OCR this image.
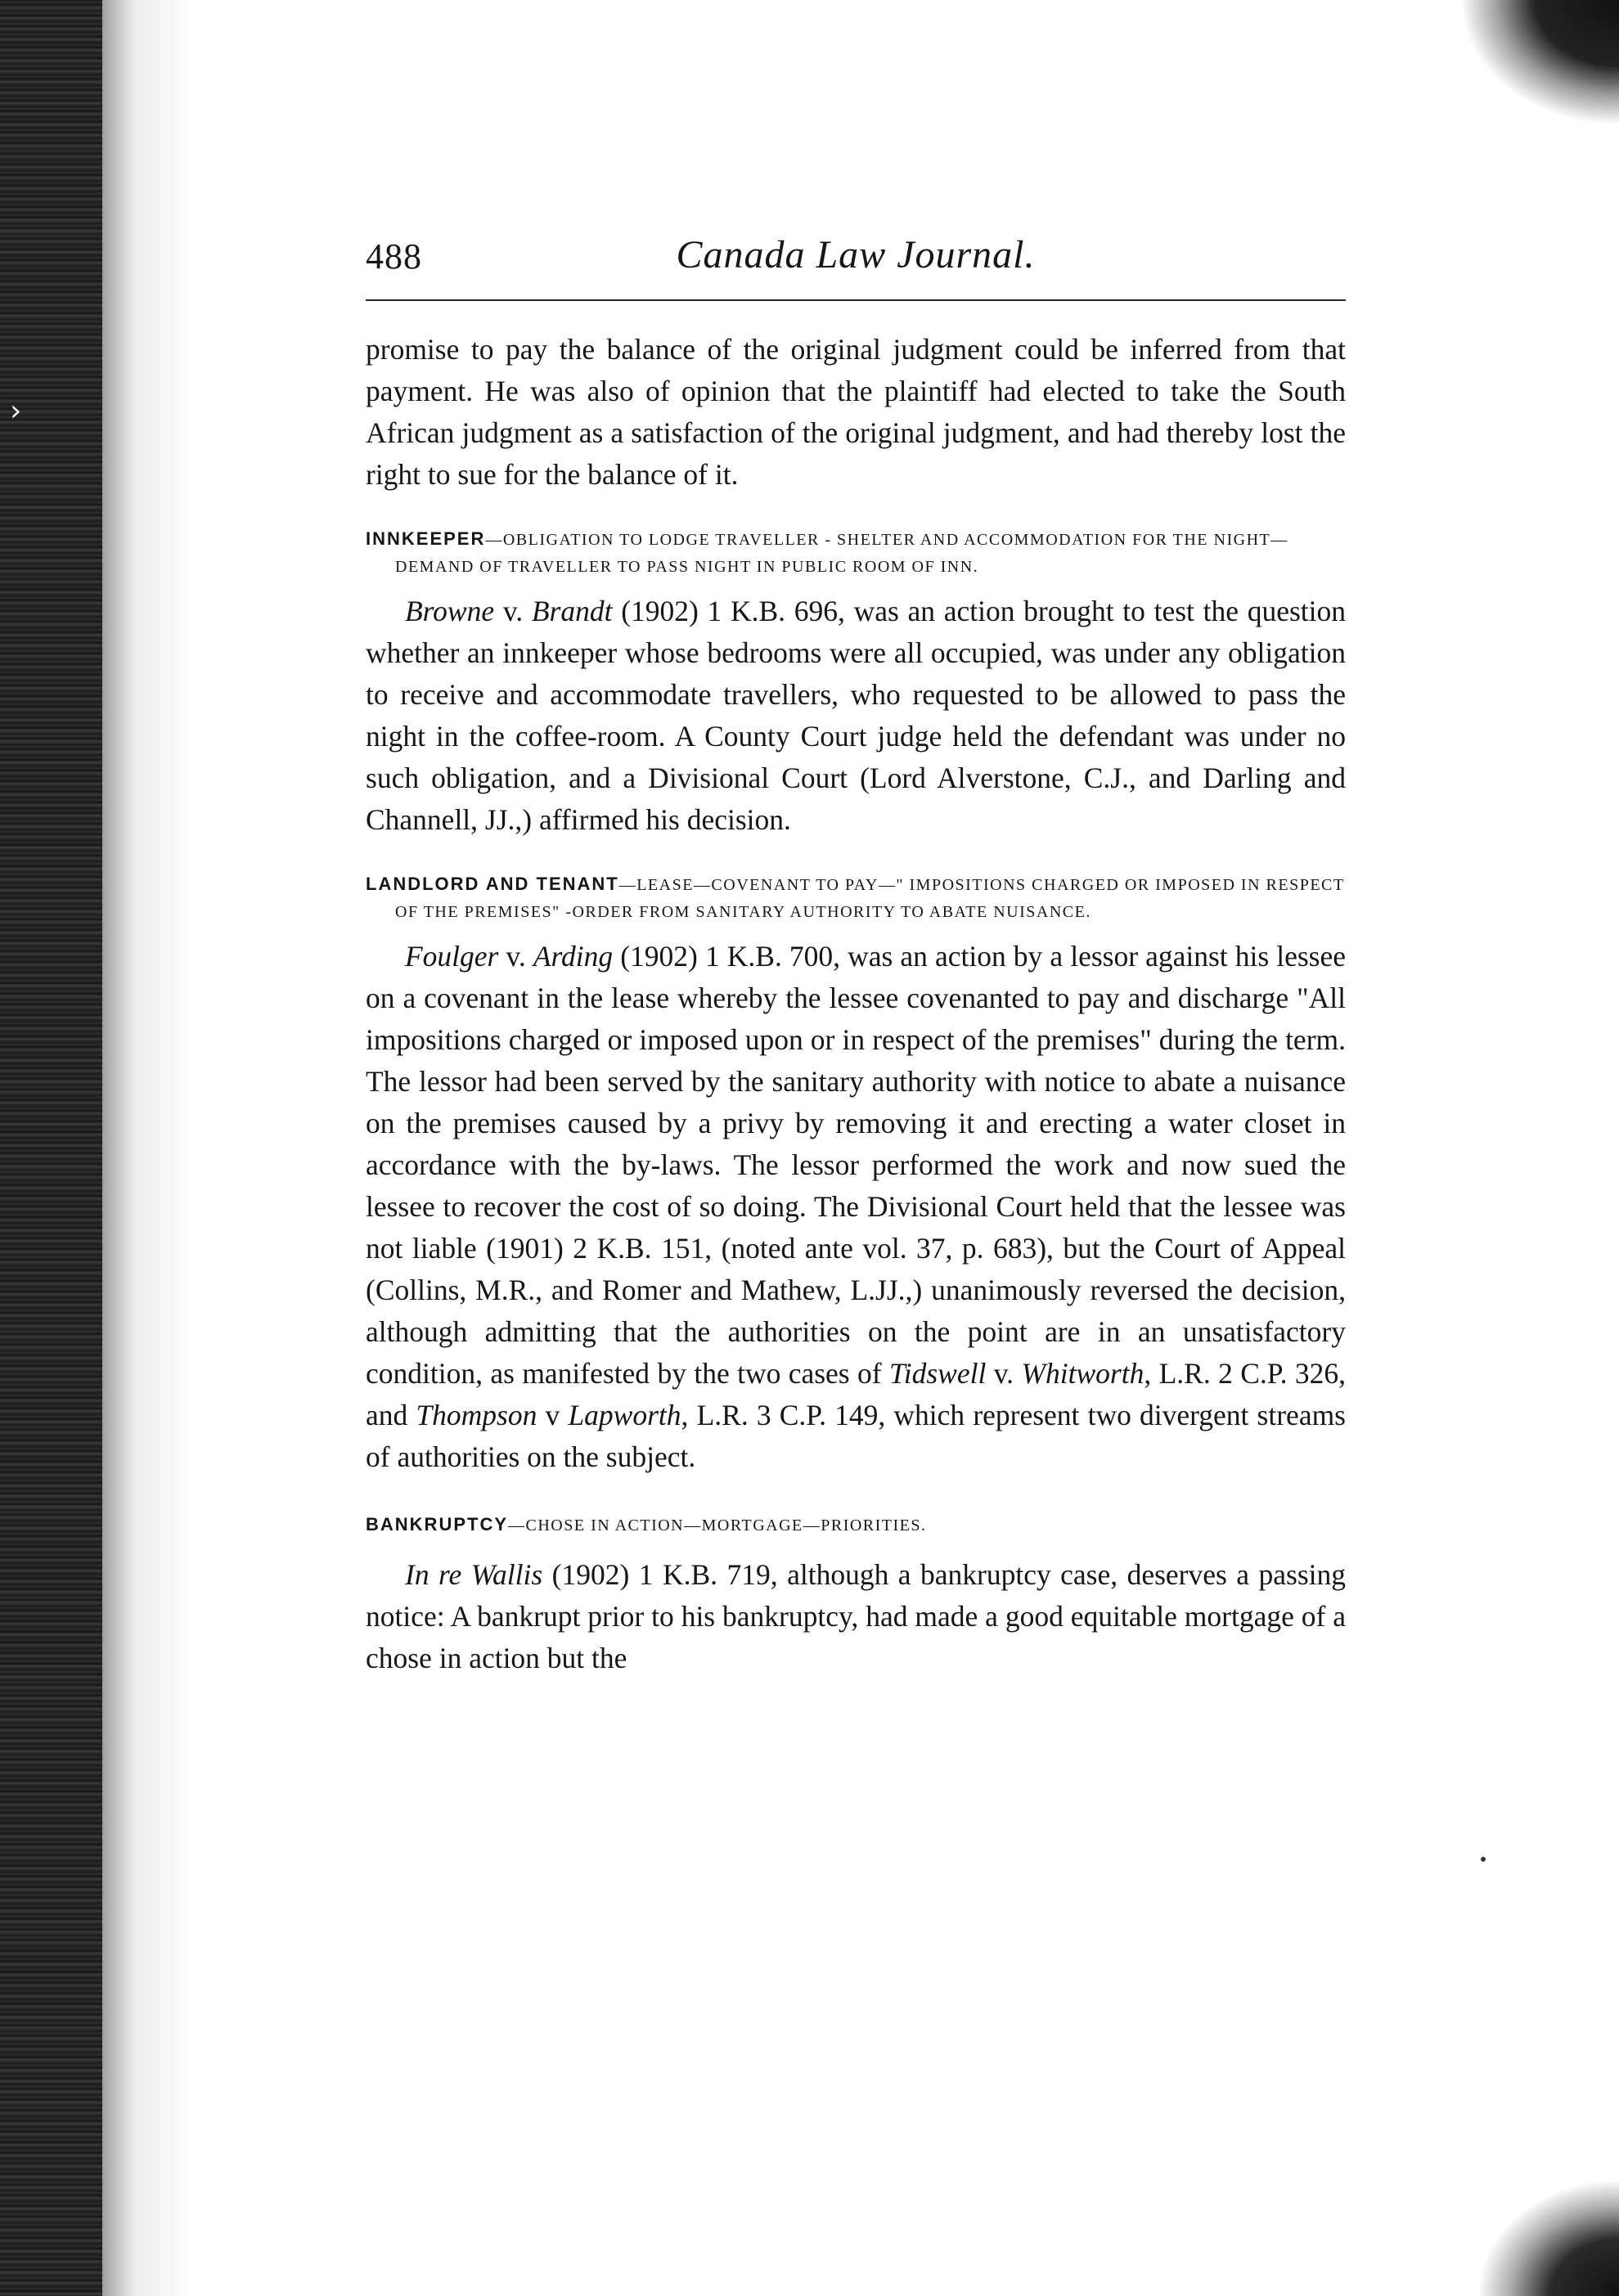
›
488	Canada Law Journal.

promise to pay the balance of the original judgment could be inferred from that payment. He was also of opinion that the plaintiff had elected to take the South African judgment as a satisfaction of the original judgment, and had thereby lost the right to sue for the balance of it.

INNKEEPER—OBLIGATION TO LODGE TRAVELLER - SHELTER AND ACCOMMODATION FOR THE NIGHT—DEMAND OF TRAVELLER TO PASS NIGHT IN PUBLIC ROOM OF INN.

Browne v. Brandt (1902) 1 K.B. 696, was an action brought to test the question whether an innkeeper whose bedrooms were all occupied, was under any obligation to receive and accommodate travellers, who requested to be allowed to pass the night in the coffee-room. A County Court judge held the defendant was under no such obligation, and a Divisional Court (Lord Alverstone, C.J., and Darling and Channell, JJ.,) affirmed his decision.

LANDLORD AND TENANT—LEASE—COVENANT TO PAY—" IMPOSITIONS CHARGED OR IMPOSED IN RESPECT OF THE PREMISES" -ORDER FROM SANITARY AUTHORITY TO ABATE NUISANCE.

Foulger v. Arding (1902) 1 K.B. 700, was an action by a lessor against his lessee on a covenant in the lease whereby the lessee covenanted to pay and discharge "All impositions charged or imposed upon or in respect of the premises" during the term. The lessor had been served by the sanitary authority with notice to abate a nuisance on the premises caused by a privy by removing it and erecting a water closet in accordance with the by-laws. The lessor performed the work and now sued the lessee to recover the cost of so doing. The Divisional Court held that the lessee was not liable (1901) 2 K.B. 151, (noted ante vol. 37, p. 683), but the Court of Appeal (Collins, M.R., and Romer and Mathew, L.JJ.,) unanimously reversed the decision, although admitting that the authorities on the point are in an unsatisfactory condition, as manifested by the two cases of Tidswell v. Whitworth, L.R. 2 C.P. 326, and Thompson v Lapworth, L.R. 3 C.P. 149, which represent two divergent streams of authorities on the subject.

BANKRUPTCY—CHOSE IN ACTION—MORTGAGE—PRIORITIES.

In re Wallis (1902) 1 K.B. 719, although a bankruptcy case, deserves a passing notice: A bankrupt prior to his bankruptcy, had made a good equitable mortgage of a chose in action but the
